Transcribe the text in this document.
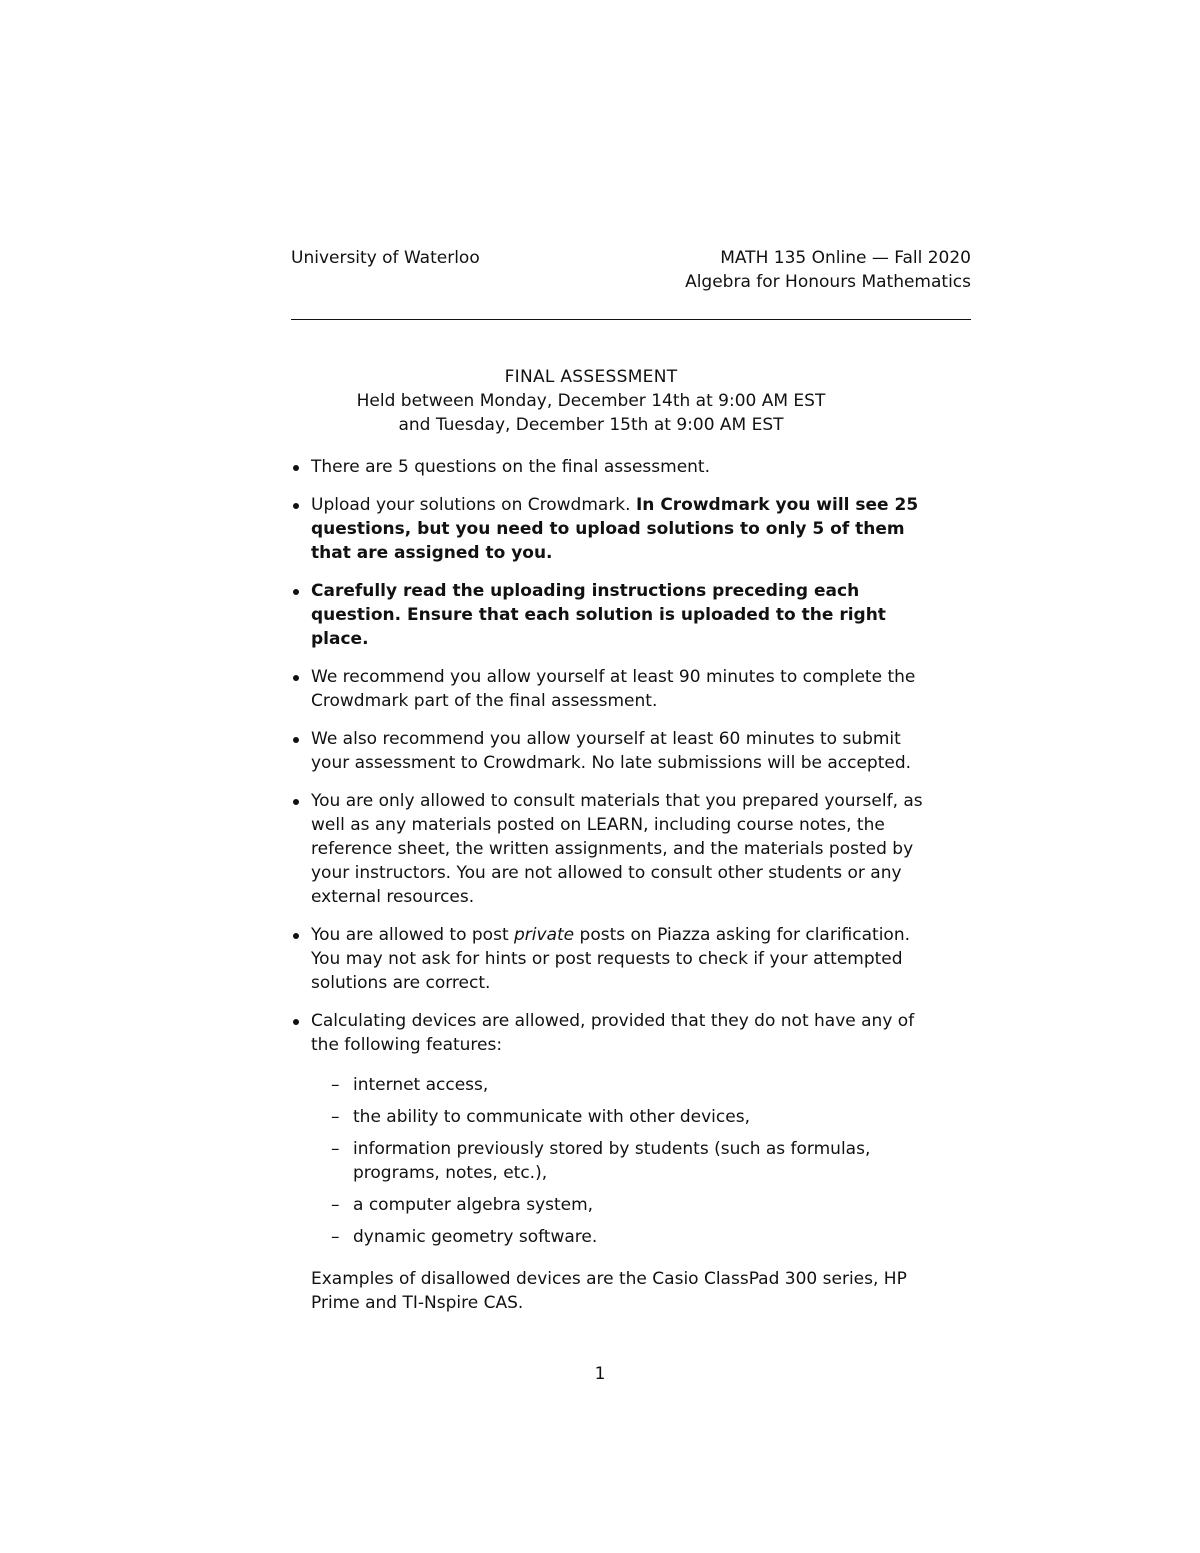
University of Waterloo	MATH 135 Online — Fall 2020
Algebra for Honours Mathematics
FINAL ASSESSMENT
Held between Monday, December 14th at 9:00 AM EST
and Tuesday, December 15th at 9:00 AM EST
There are 5 questions on the final assessment.
Upload your solutions on Crowdmark. In Crowdmark you will see 25 questions, but you need to upload solutions to only 5 of them that are assigned to you.
Carefully read the uploading instructions preceding each question. Ensure that each solution is uploaded to the right place.
We recommend you allow yourself at least 90 minutes to complete the Crowdmark part of the final assessment.
We also recommend you allow yourself at least 60 minutes to submit your assessment to Crowdmark. No late submissions will be accepted.
You are only allowed to consult materials that you prepared yourself, as well as any materials posted on LEARN, including course notes, the reference sheet, the written assignments, and the materials posted by your instructors. You are not allowed to consult other students or any external resources.
You are allowed to post private posts on Piazza asking for clarification. You may not ask for hints or post requests to check if your attempted solutions are correct.
Calculating devices are allowed, provided that they do not have any of the following features:
– internet access,
– the ability to communicate with other devices,
– information previously stored by students (such as formulas, programs, notes, etc.),
– a computer algebra system,
– dynamic geometry software.
Examples of disallowed devices are the Casio ClassPad 300 series, HP Prime and TI-Nspire CAS.
1
